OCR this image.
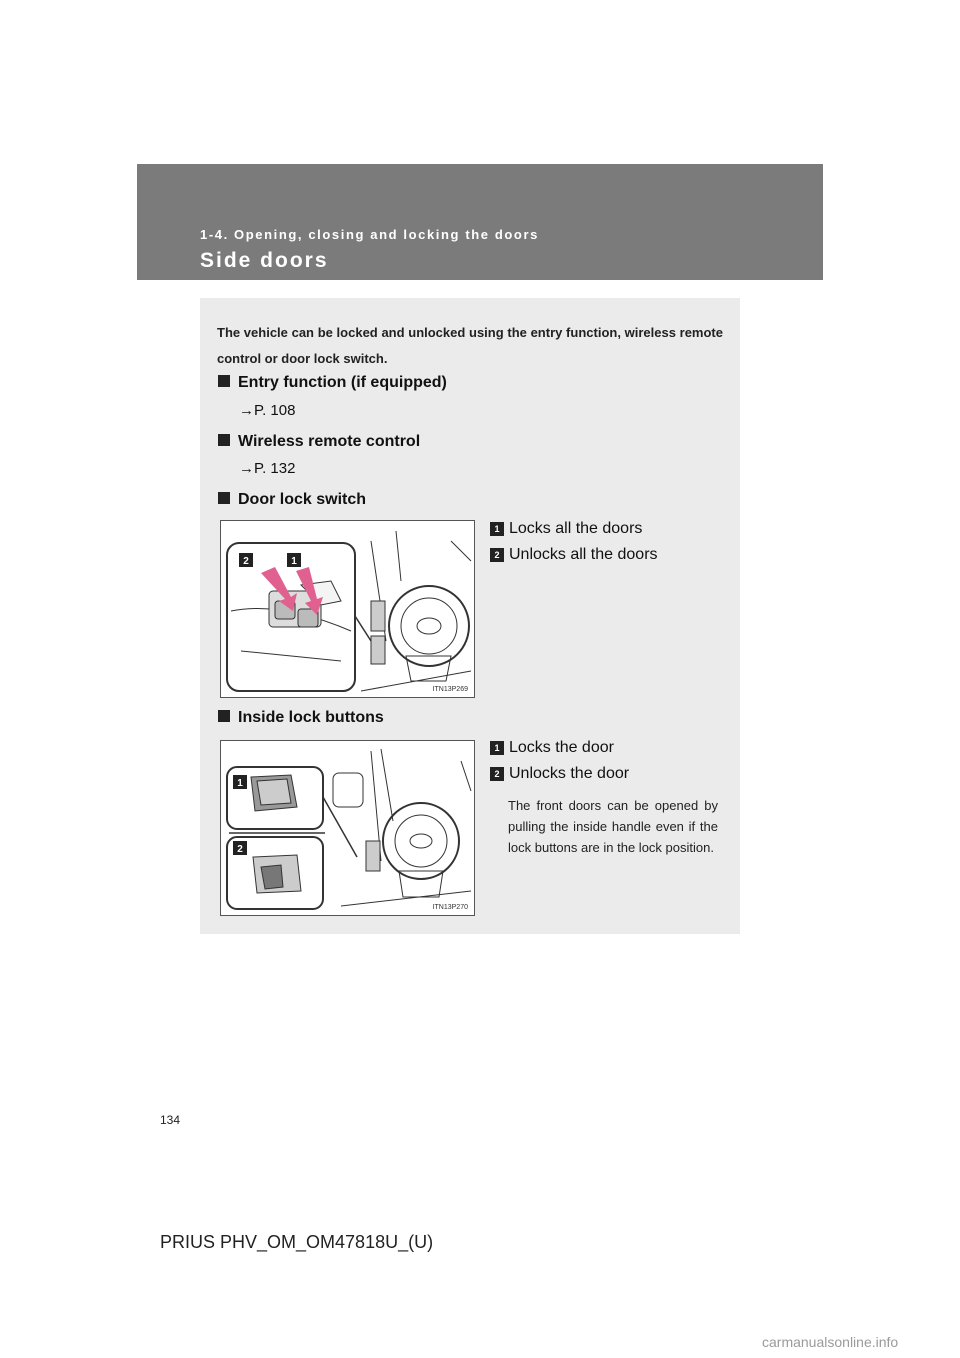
1-4. Opening, closing and locking the doors
Side doors
The vehicle can be locked and unlocked using the entry function, wireless remote control or door lock switch.
Entry function (if equipped)
→P. 108
Wireless remote control
→P. 132
Door lock switch
2	1
ITN13P269
1 Locks all the doors
2 Unlocks all the doors
Inside lock buttons
1
2
ITN13P270
1 Locks the door
2 Unlocks the door
The front doors can be opened by pulling the inside handle even if the lock buttons are in the lock position.
134
PRIUS PHV_OM_OM47818U_(U)
carmanualsonline.info
